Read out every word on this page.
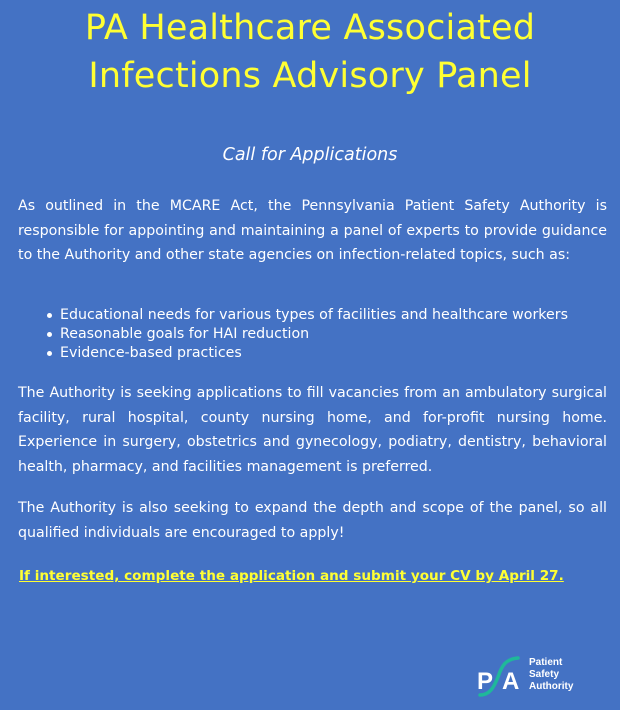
PA Healthcare Associated
Infections Advisory Panel
Call for Applications
As outlined in the MCARE Act, the Pennsylvania Patient Safety Authority is responsible for appointing and maintaining a panel of experts to provide guidance to the Authority and other state agencies on infection-related topics, such as:
Educational needs for various types of facilities and healthcare workers
Reasonable goals for HAI reduction
Evidence-based practices
The Authority is seeking applications to fill vacancies from an ambulatory surgical facility, rural hospital, county nursing home, and for-profit nursing home. Experience in surgery, obstetrics and gynecology, podiatry, dentistry, behavioral health, pharmacy, and facilities management is preferred.
The Authority is also seeking to expand the depth and scope of the panel, so all qualified individuals are encouraged to apply!
If interested, complete the application and submit your CV by April 27.
P A
Patient
Safety
Authority
